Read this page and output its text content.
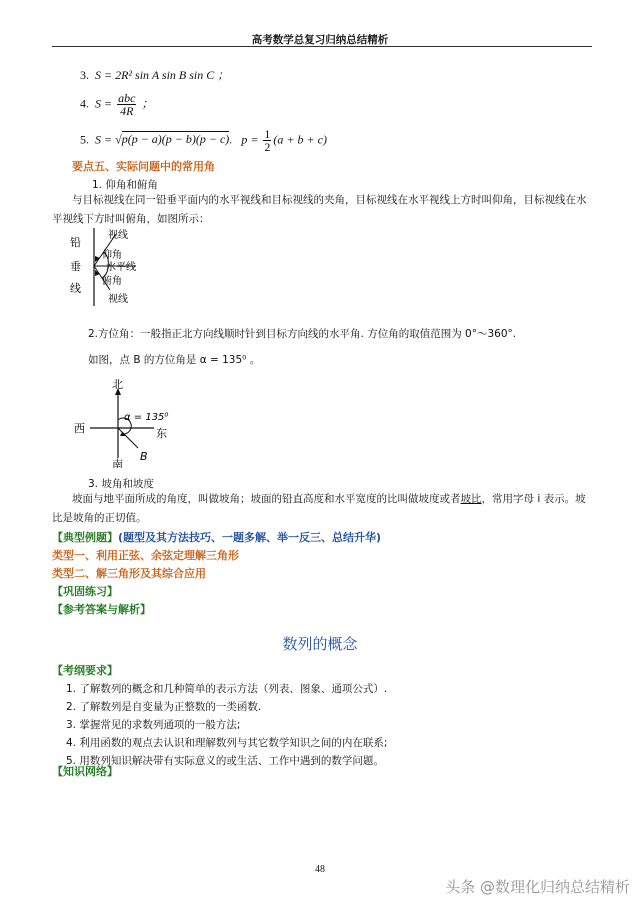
高考数学总复习归纳总结精析
3. S = 2R² sin A sin B sin C ；
4. $S = \frac{\text{abc}}{4R}$ ；
5. S = √p(p − a)(p − b)(p − c). $p = \frac{1}{2} (a + b + c)$
要点五、实际问题中的常用角
1. 仰角和俯角
与目标视线在同一铅垂平面内的水平视线和目标视线的夹角，目标视线在水平视线上方时叫仰角，目标视线在水平视线下方时叫俯角，如图所示：
铅
垂
线
视线
仰角
水平线
俯角
视线
2.方位角：一般指正北方向线顺时针到目标方向线的水平角. 方位角的取值范围为 0°～360°.
如图，点 B 的方位角是 α = 135⁰ 。
北
西	东
南
α = 135⁰
B
3. 坡角和坡度
坡面与地平面所成的角度，叫做坡角；坡面的铅直高度和水平宽度的比叫做坡度或者坡比，常用字母 i 表示。坡比是坡角的正切值。
【典型例题】(题型及其方法技巧、一题多解、举一反三、总结升华)
类型一、利用正弦、余弦定理解三角形
类型二、解三角形及其综合应用
【巩固练习】
【参考答案与解析】
数列的概念
【考纲要求】
1. 了解数列的概念和几种简单的表示方法（列表、图象、通项公式）.
2. 了解数列是自变量为正整数的一类函数.
3. 掌握常见的求数列通项的一般方法;
4. 利用函数的观点去认识和理解数列与其它数学知识之间的内在联系;
5. 用数列知识解决带有实际意义的或生活、工作中遇到的数学问题。
【知识网络】
48
头条 @数理化归纳总结精析
